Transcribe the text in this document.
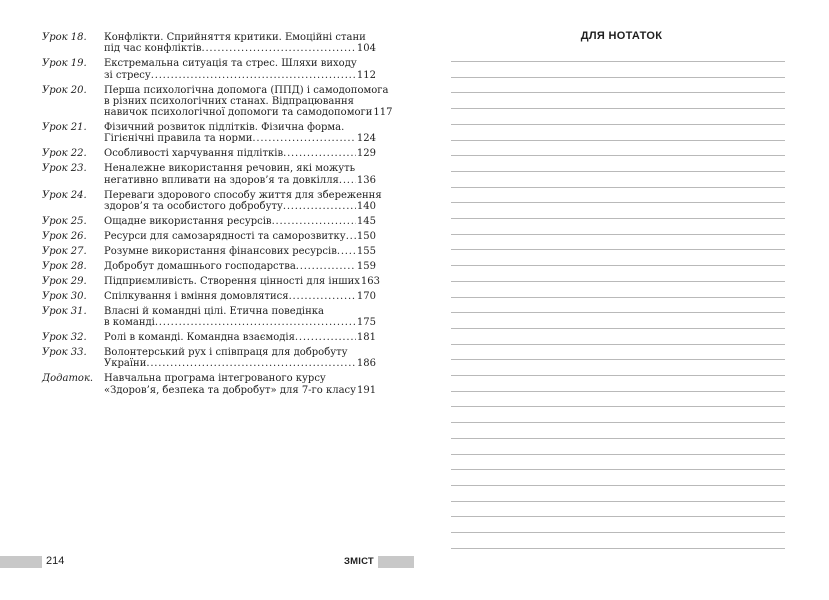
Урок 18.	Конфлікти. Сприйняття критики. Емоційні стани
під час конфліктів . . .	104
Урок 19.	Екстремальна ситуація та стрес. Шляхи виходу
зі стресу . . .	112
Урок 20.	Перша психологічна допомога (ППД) і самодопомога
в різних психологічних станах. Відпрацювання
навичок психологічної допомоги та самодопомоги 117
Урок 21.	Фізичний розвиток підлітків. Фізична форма.
Гігієнічні правила та норми . . .	124
Урок 22.	Особливості харчування підлітків . . .	129
Урок 23.	Неналежне використання речовин, які можуть
негативно впливати на здоров’я та довкілля . . . 136
Урок 24.	Переваги здорового способу життя для збереження
здоров’я та особистого добробуту . . .	140
Урок 25.	Ощадне використання ресурсів . . .	145
Урок 26.	Ресурси для самозарядності та саморозвитку . . . 150
Урок 27.	Розумне використання фінансових ресурсів . . . 155
Урок 28.	Добробут домашнього господарства . . .	159
Урок 29.	Підприємливість. Створення цінності для інших 163
Урок 30.	Спілкування і вміння домовлятися . . .	170
Урок 31.	Власні й командні цілі. Етична поведінка
в команді . . .	175
Урок 32.	Ролі в команді. Командна взаємодія . . .	181
Урок 33.	Волонтерський рух і співпраця для добробуту
України . . .	186
Додаток.	Навчальна програма інтегрованого курсу
«Здоров’я, безпека та добробут» для 7-го класу 191
214	ЗМІСТ
ДЛЯ НОТАТОК
